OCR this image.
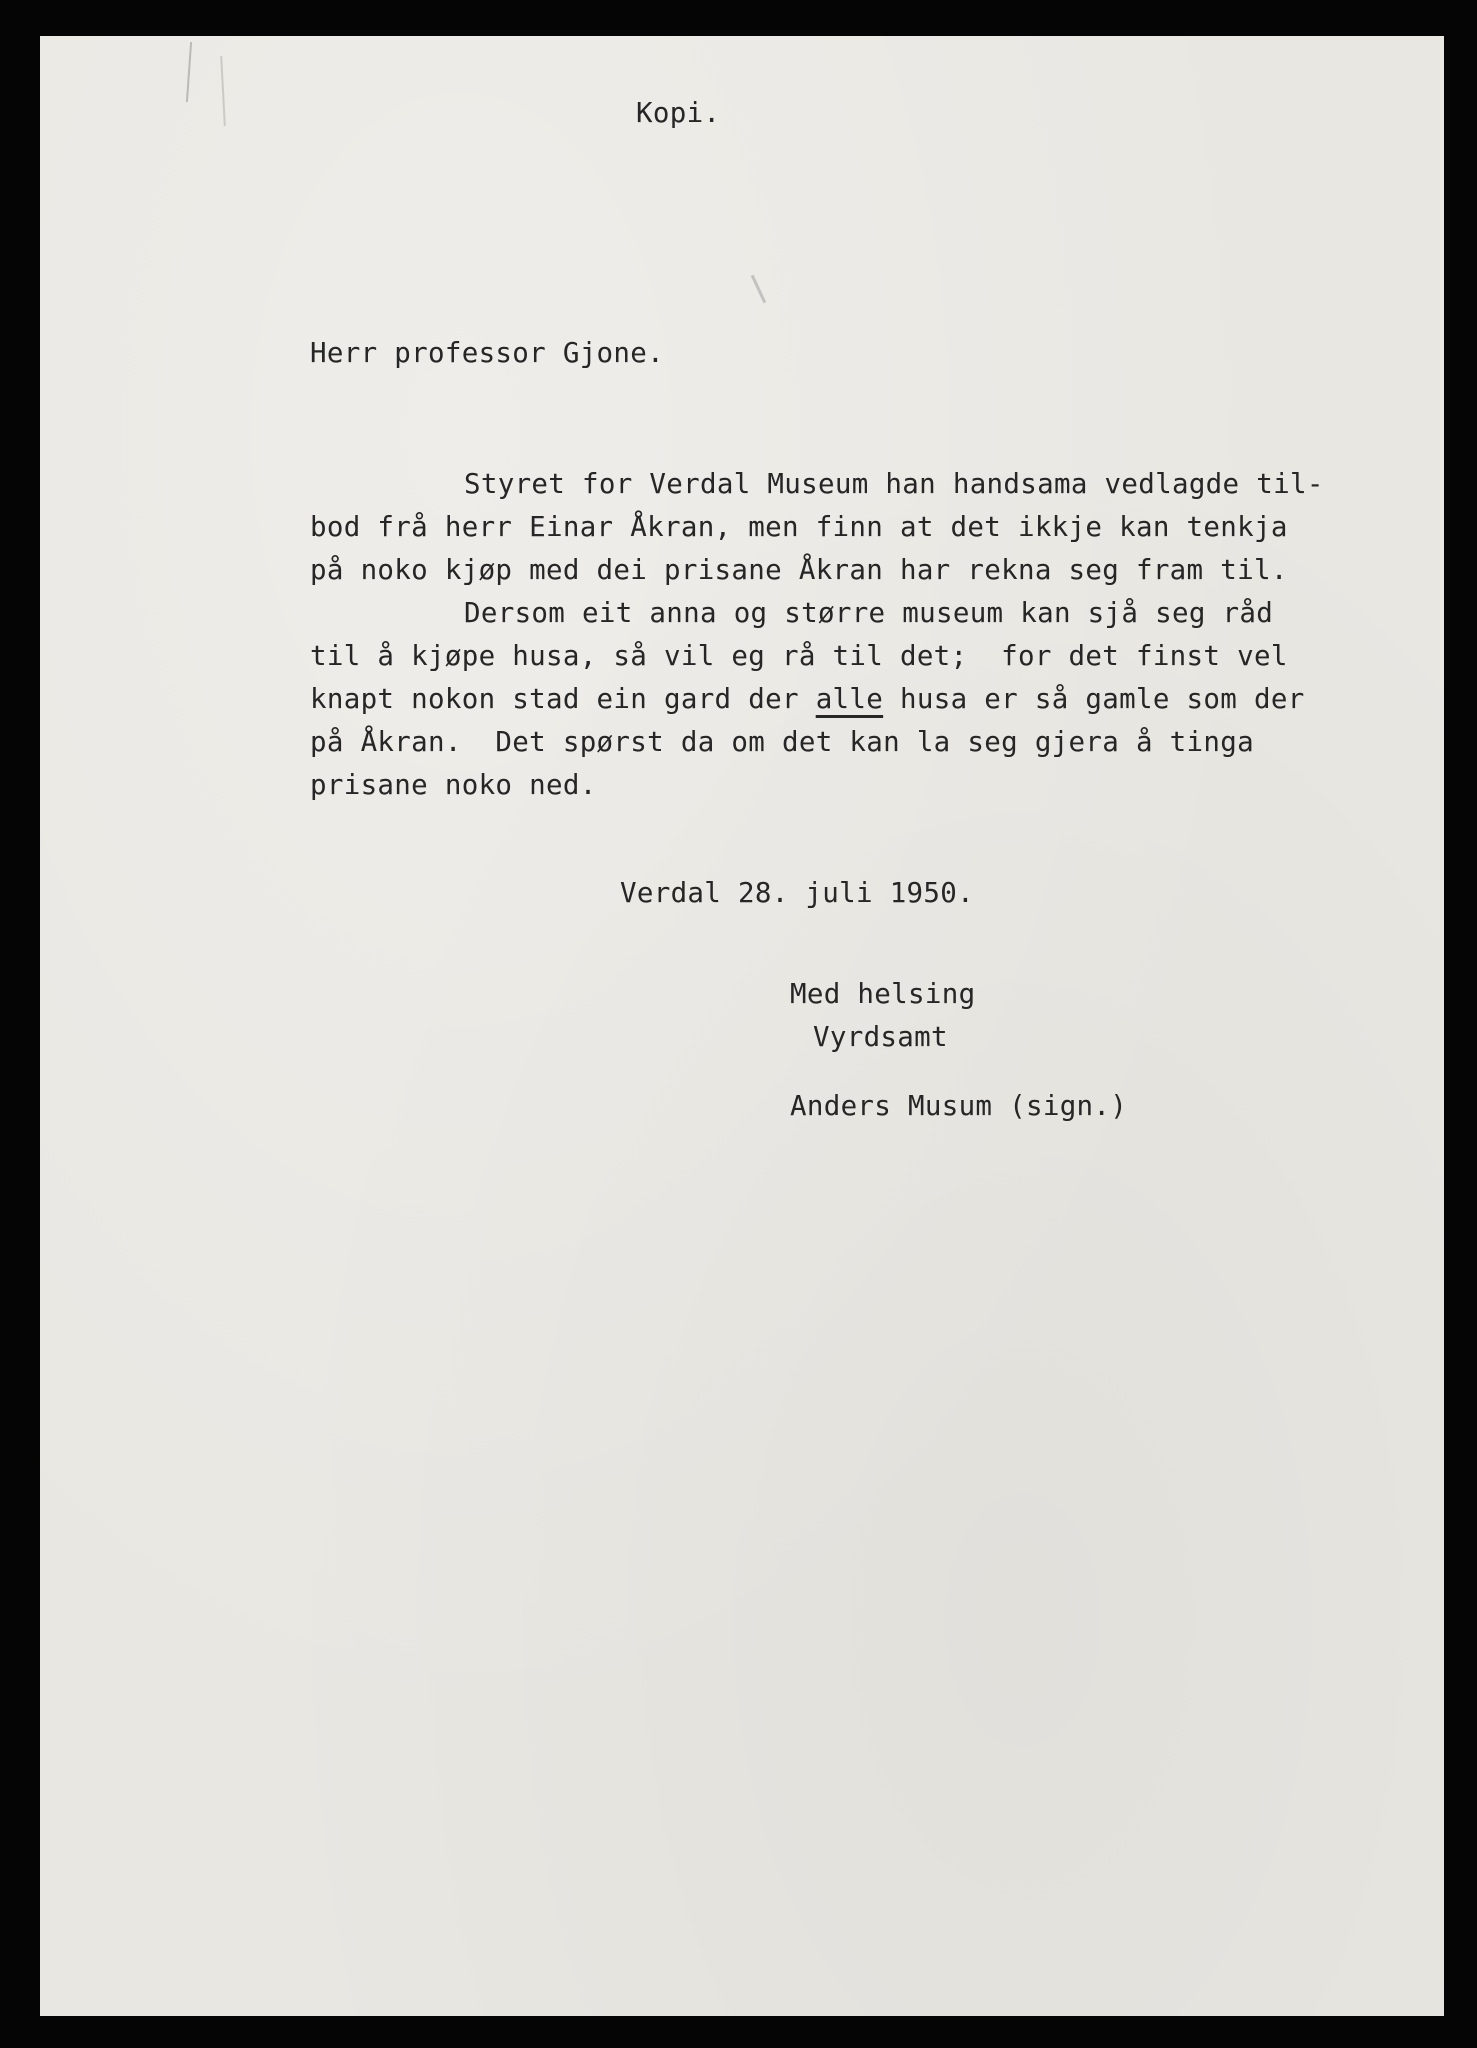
Kopi.
Herr professor Gjone.
Styret for Verdal Museum han handsama vedlagde til-
bod frå herr Einar Åkran, men finn at det ikkje kan tenkja
på noko kjøp med dei prisane Åkran har rekna seg fram til.
Dersom eit anna og større museum kan sjå seg råd
til å kjøpe husa, så vil eg rå til det;  for det finst vel
knapt nokon stad ein gard der alle husa er så gamle som der
på Åkran.  Det spørst da om det kan la seg gjera å tinga
prisane noko ned.
Verdal 28. juli 1950.
Med helsing
Vyrdsamt
Anders Musum (sign.)
